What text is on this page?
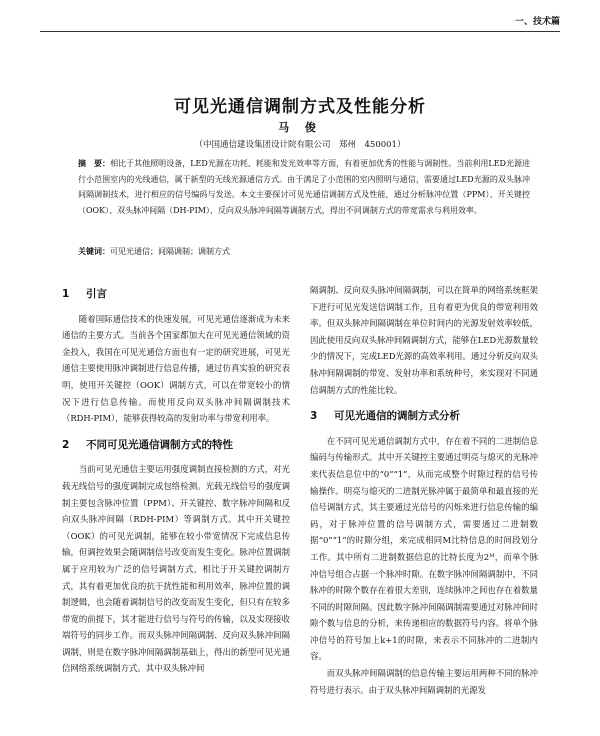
一、技术篇
可见光通信调制方式及性能分析
马 俊
（中国通信建设集团设计院有限公司　郑州　450001）
摘　要：相比于其他照明设备，LED光源在功耗、耗能和发光效率等方面，有着更加优秀的性能与调制性。当前利用LED光源进行小范围室内的光线通信，属于新型的无线光源通信方式。由于满足了小范围的室内照明与通信，需要通过LED光源的双头脉冲间隔调制技术，进行相应的信号编码与发送。本文主要探讨可见光通信调制方式及性能，通过分析脉冲位置（PPM）、开关键控（OOK）、双头脉冲间隔（DH-PIM）、反向双头脉冲间隔等调制方式，得出不同调制方式的带宽需求与利用效率。
关键词：可见光通信；间隔调制；调制方式
1 引言

随着国际通信技术的快速发展，可见光通信逐渐成为未来通信的主要方式。当前各个国家都加大在可见光通信领域的资金投入，我国在可见光通信方面也有一定的研究进展，可见光通信主要使用脉冲调制进行信息传播，通过仿真实验的研究表明，使用开关键控（OOK）调制方式，可以在带宽较小的情况下进行信息传输。而使用反向双头脉冲间隔调制技术（RDH-PIM），能够获得较高的发射功率与带宽利用率。

2 不同可见光通信调制方式的特性

当前可见光通信主要运用强度调制直接检测的方式，对光载无线信号的强度调制完成包络检测。光载无线信号的强度调制主要包含脉冲位置（PPM）、开关键控、数字脉冲间隔和反向双头脉冲间隔（RDH-PIM）等调制方式。其中开关键控（OOK）的可见光调制，能够在较小带宽情况下完成信息传输，但调控效果会随调制信号改变而发生变化。脉冲位置调制属于应用较为广泛的信号调制方式，相比于开关键控调制方式，其有着更加优良的抗干扰性能和利用效率，脉冲位置的调制逻辑，也会随着调制信号的改变而发生变化，但只有在较多带宽的前提下，其才能进行信号与符号的传输，以及实现接收端符号的同步工作。而双头脉冲间隔调制、反向双头脉冲间隔调制，则是在数字脉冲间隔调制基础上，得出的新型可见光通信网络系统调制方式。其中双头脉冲间

隔调制、反向双头脉冲间隔调制，可以在简单的网络系统框架下进行可见光发送信调制工作，且有着更为优良的带宽利用效率。但双头脉冲间隔调制在单位时间内的光源发射效率较低，因此使用反向双头脉冲间隔调制方式，能够在LED光源数量较少的情况下，完成LED光源的高效率利用。通过分析反向双头脉冲间隔调制的带宽、发射功率和系统种号，来实现对不同通信调制方式的性能比较。

3 可见光通信的调制方式分析

在不同可见光通信调制方式中，存在着不同的二进制信息编码与传输形式。其中开关键控主要通过明亮与熄灭的光脉冲来代表信息位中的“0”“1”，从而完成整个时隙过程的信号传输操作。明亮与熄灭的二进制光脉冲属于最简单和最直接的光信号调制方式，其主要通过光信号的闪烁来进行信息传输的编码，对于脉冲位置的信号调制方式，需要通过二进制数据“0”“1”的时隙分组，来完成相同M比特信息的时间段划分工作。其中所有二进制数据信息的比特长度为2ᴹ，而单个脉冲信号组合占据一个脉冲时隙。在数字脉冲间隔调制中，不同脉冲的时隙个数存在着很大差别，连续脉冲之间也存在着数量不同的时隙间隔。因此数字脉冲间隔调制需要通过对脉冲间时隙个数与信息的分析，来传递相应的数据符号内容。将单个脉冲信号的符号加上k+1的时隙，来表示不同脉冲的二进制内容。

而双头脉冲间隔调制的信息传输主要运用两种不同的脉冲符号进行表示。由于双头脉冲间隔调制的光源发
